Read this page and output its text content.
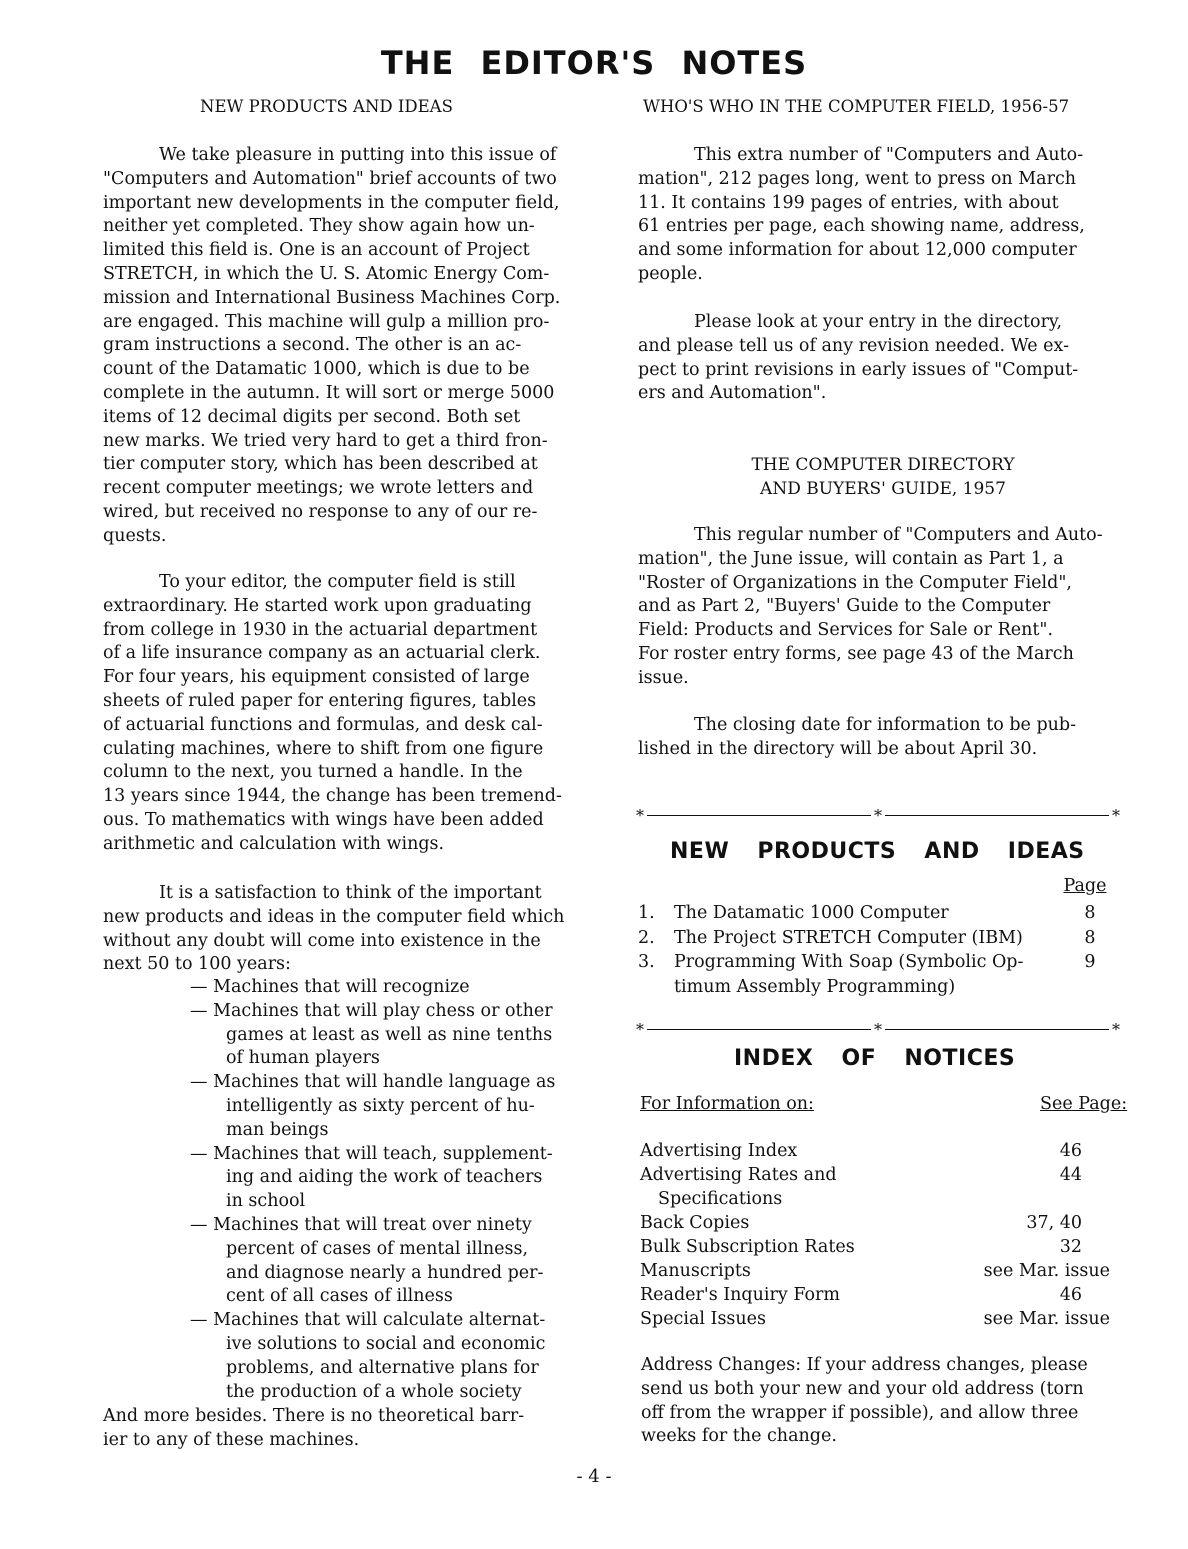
THE EDITOR'S NOTES
NEW PRODUCTS AND IDEAS
We take pleasure in putting into this issue of
"Computers and Automation" brief accounts of two
important new developments in the computer field,
neither yet completed. They show again how un-
limited this field is. One is an account of Project
STRETCH, in which the U. S. Atomic Energy Com-
mission and International Business Machines Corp.
are engaged. This machine will gulp a million pro-
gram instructions a second. The other is an ac-
count of the Datamatic 1000, which is due to be
complete in the autumn. It will sort or merge 5000
items of 12 decimal digits per second. Both set
new marks. We tried very hard to get a third fron-
tier computer story, which has been described at
recent computer meetings; we wrote letters and
wired, but received no response to any of our re-
quests.
To your editor, the computer field is still
extraordinary. He started work upon graduating
from college in 1930 in the actuarial department
of a life insurance company as an actuarial clerk.
For four years, his equipment consisted of large
sheets of ruled paper for entering figures, tables
of actuarial functions and formulas, and desk cal-
culating machines, where to shift from one figure
column to the next, you turned a handle. In the
13 years since 1944, the change has been tremend-
ous. To mathematics with wings have been added
arithmetic and calculation with wings.
It is a satisfaction to think of the important
new products and ideas in the computer field which
without any doubt will come into existence in the
next 50 to 100 years:
— Machines that will recognize
— Machines that will play chess or other
games at least as well as nine tenths
of human players
— Machines that will handle language as
intelligently as sixty percent of hu-
man beings
— Machines that will teach, supplement-
ing and aiding the work of teachers
in school
— Machines that will treat over ninety
percent of cases of mental illness,
and diagnose nearly a hundred per-
cent of all cases of illness
— Machines that will calculate alternat-
ive solutions to social and economic
problems, and alternative plans for
the production of a whole society
And more besides. There is no theoretical barr-
ier to any of these machines.
WHO'S WHO IN THE COMPUTER FIELD, 1956-57
This extra number of "Computers and Auto-
mation", 212 pages long, went to press on March
11. It contains 199 pages of entries, with about
61 entries per page, each showing name, address,
and some information for about 12,000 computer
people.
Please look at your entry in the directory,
and please tell us of any revision needed. We ex-
pect to print revisions in early issues of "Comput-
ers and Automation".
THE COMPUTER DIRECTORY
AND BUYERS' GUIDE, 1957
This regular number of "Computers and Auto-
mation", the June issue, will contain as Part 1, a
"Roster of Organizations in the Computer Field",
and as Part 2, "Buyers' Guide to the Computer
Field: Products and Services for Sale or Rent".
For roster entry forms, see page 43 of the March
issue.
The closing date for information to be pub-
lished in the directory will be about April 30.
*	*	*
NEW PRODUCTS AND IDEAS
Page
1.	The Datamatic 1000 Computer	8
2.	The Project STRETCH Computer (IBM)	8
3.	Programming With Soap (Symbolic Op-	9
timum Assembly Programming)
*	*	*
INDEX OF NOTICES
For Information on:	See Page:
Advertising Index	46
Advertising Rates and	44
Specifications
Back Copies	37, 40
Bulk Subscription Rates	32
Manuscripts	see Mar. issue
Reader's Inquiry Form	46
Special Issues	see Mar. issue
Address Changes: If your address changes, please
send us both your new and your old address (torn
off from the wrapper if possible), and allow three
weeks for the change.
- 4 -
